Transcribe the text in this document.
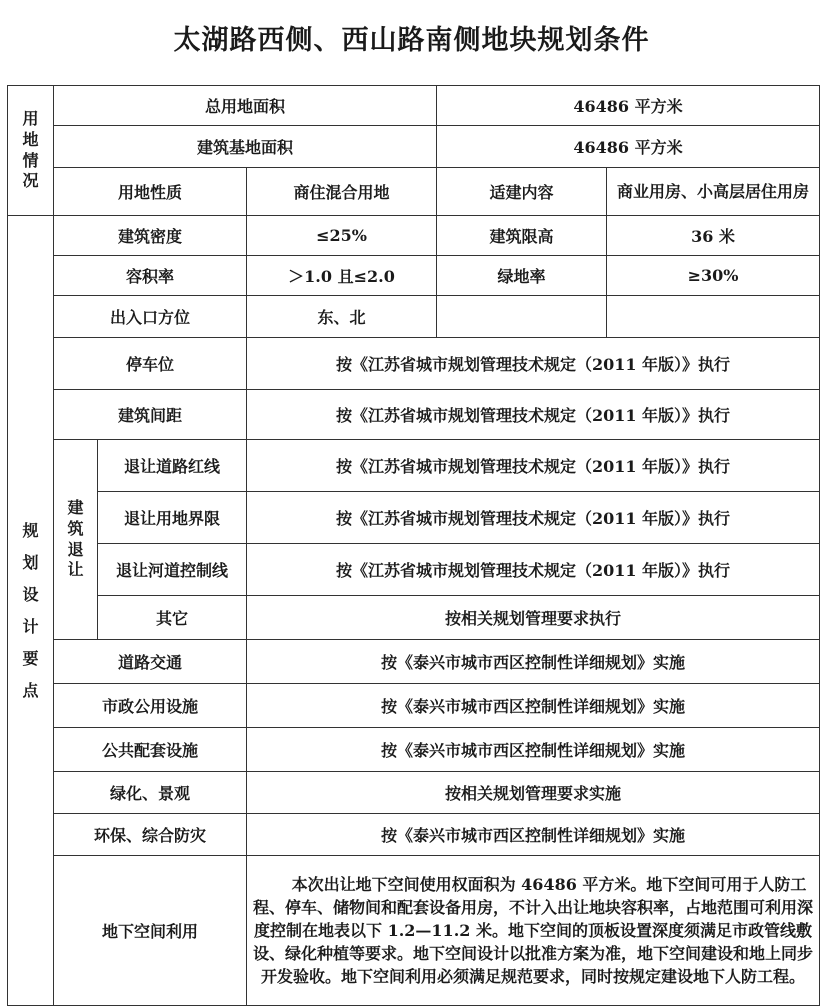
太湖路西侧、西山路南侧地块规划条件
用地情况	总用地面积			46486 平方米	
	建筑基地面积			46486 平方米	
	用地性质		商住混合用地	适建内容	商业用房、小高层居住用房
规划设计要点	建筑密度		≤25%	建筑限高	36 米
	容积率		＞1.0 且≤2.0	绿地率	≥30%
	出入口方位		东、北		
	停车位		按《江苏省城市规划管理技术规定（2011 年版）》执行		
	建筑间距		按《江苏省城市规划管理技术规定（2011 年版）》执行		
	建筑退让	退让道路红线	按《江苏省城市规划管理技术规定（2011 年版）》执行		
		退让用地界限	按《江苏省城市规划管理技术规定（2011 年版）》执行		
		退让河道控制线	按《江苏省城市规划管理技术规定（2011 年版）》执行		
		其它	按相关规划管理要求执行		
	道路交通		按《泰兴市城市西区控制性详细规划》实施		
	市政公用设施		按《泰兴市城市西区控制性详细规划》实施		
	公共配套设施		按《泰兴市城市西区控制性详细规划》实施		
	绿化、景观		按相关规划管理要求实施		
	环保、综合防灾		按《泰兴市城市西区控制性详细规划》实施		
	地下空间利用		本次出让地下空间使用权面积为 46486 平方米。地下空间可用于人防工程、停车、储物间和配套设备用房，不计入出让地块容积率，占地范围可利用深度控制在地表以下 1.2—11.2 米。地下空间的顶板设置深度须满足市政管线敷设、绿化种植等要求。地下空间设计以批准方案为准，地下空间建设和地上同步开发验收。地下空间利用必须满足规范要求，同时按规定建设地下人防工程。		
